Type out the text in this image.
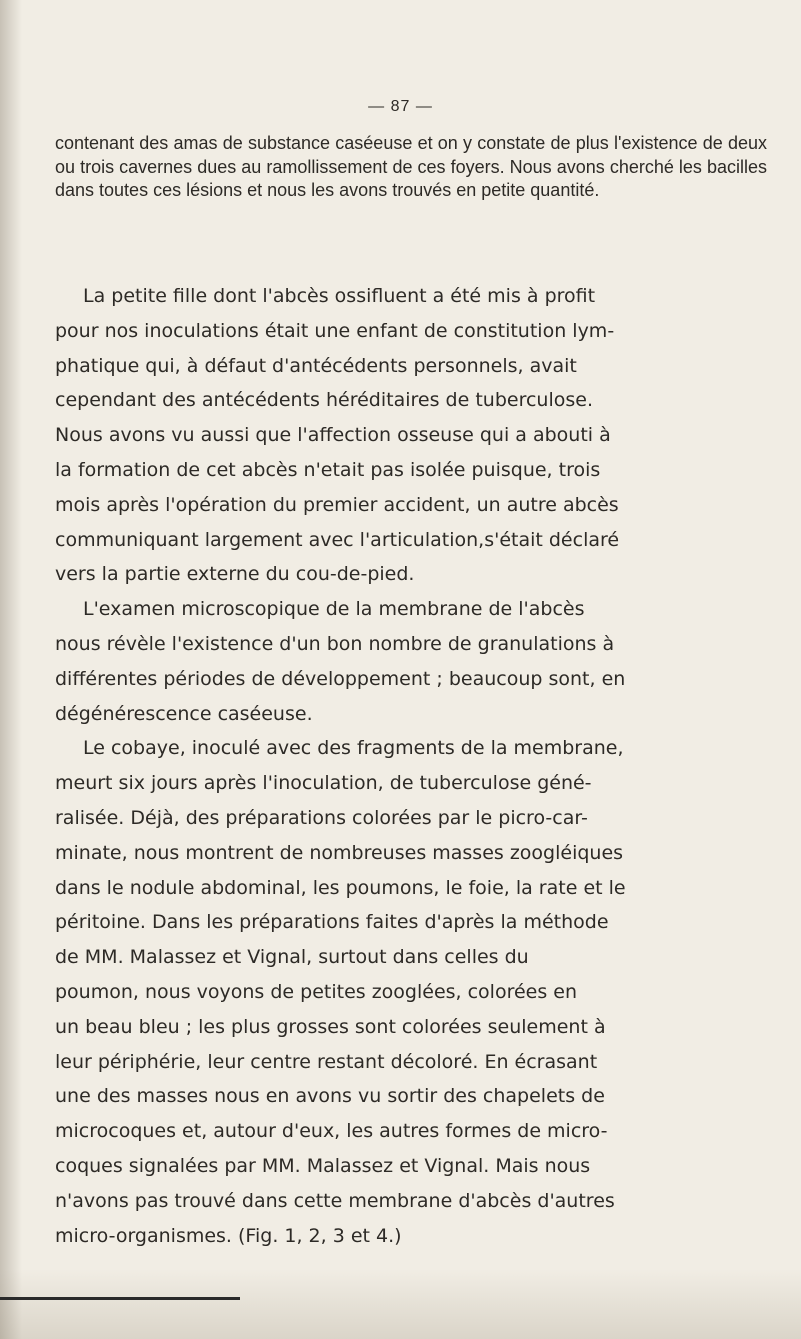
— 87 —
contenant des amas de substance caséeuse et on y constate de plus l'existence de deux ou trois cavernes dues au ramollissement de ces foyers. Nous avons cherché les bacilles dans toutes ces lésions et nous les avons trouvés en petite quantité.
La petite fille dont l'abcès ossifluent a été mis à profit
pour nos inoculations était une enfant de constitution lym-
phatique qui, à défaut d'antécédents personnels, avait
cependant des antécédents héréditaires de tuberculose.
Nous avons vu aussi que l'affection osseuse qui a abouti à
la formation de cet abcès n'etait pas isolée puisque, trois
mois après l'opération du premier accident, un autre abcès
communiquant largement avec l'articulation,s'était déclaré
vers la partie externe du cou-de-pied.
L'examen microscopique de la membrane de l'abcès
nous révèle l'existence d'un bon nombre de granulations à
différentes périodes de développement ; beaucoup sont, en
dégénérescence caséeuse.
Le cobaye, inoculé avec des fragments de la membrane,
meurt six jours après l'inoculation, de tuberculose géné-
ralisée. Déjà, des préparations colorées par le picro-car-
minate, nous montrent de nombreuses masses zoogléiques
dans le nodule abdominal, les poumons, le foie, la rate et le
péritoine. Dans les préparations faites d'après la méthode
de MM. Malassez et Vignal, surtout dans celles du
poumon, nous voyons de petites zooglées, colorées en
un beau bleu ; les plus grosses sont colorées seulement à
leur périphérie, leur centre restant décoloré. En écrasant
une des masses nous en avons vu sortir des chapelets de
microcoques et, autour d'eux, les autres formes de micro-
coques signalées par MM. Malassez et Vignal. Mais nous
n'avons pas trouvé dans cette membrane d'abcès d'autres
micro-organismes. (Fig. 1, 2, 3 et 4.)
